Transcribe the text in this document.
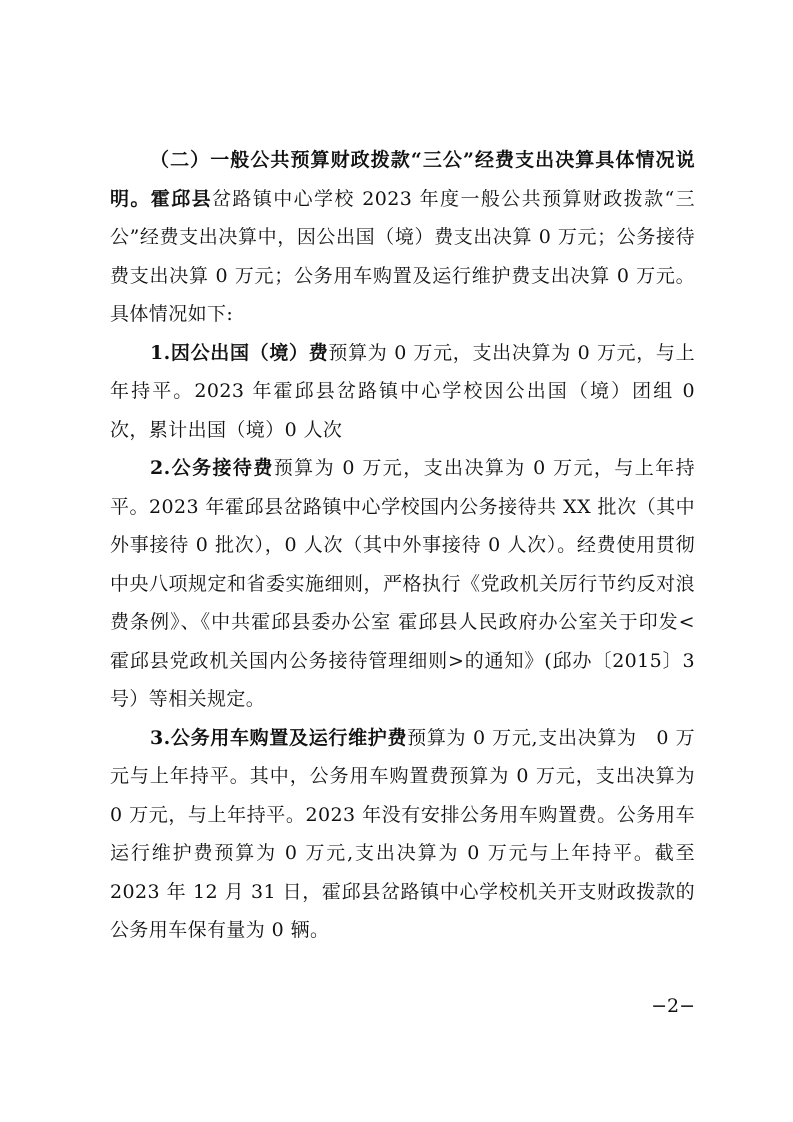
（二）一般公共预算财政拨款“三公”经费支出决算具体情况说明。霍邱县岔路镇中心学校 2023 年度一般公共预算财政拨款“三公”经费支出决算中，因公出国（境）费支出决算 0 万元；公务接待费支出决算 0 万元；公务用车购置及运行维护费支出决算 0 万元。具体情况如下:

1.因公出国（境）费预算为 0 万元，支出决算为 0 万元，与上年持平。2023 年霍邱县岔路镇中心学校因公出国（境）团组 0 次，累计出国（境）0 人次

2.公务接待费预算为 0 万元，支出决算为 0 万元，与上年持平。2023 年霍邱县岔路镇中心学校国内公务接待共 XX 批次（其中外事接待 0 批次），0 人次（其中外事接待 0 人次）。经费使用贯彻中央八项规定和省委实施细则，严格执行《党政机关厉行节约反对浪费条例》、《中共霍邱县委办公室 霍邱县人民政府办公室关于印发<霍邱县党政机关国内公务接待管理细则>的通知》(邱办〔2015〕3 号）等相关规定。

3.公务用车购置及运行维护费预算为 0 万元,支出决算为　0 万元与上年持平。其中，公务用车购置费预算为 0 万元，支出决算为 0 万元，与上年持平。2023 年没有安排公务用车购置费。公务用车运行维护费预算为 0 万元,支出决算为 0 万元与上年持平。截至 2023 年 12 月 31 日，霍邱县岔路镇中心学校机关开支财政拨款的公务用车保有量为 0 辆。

−2−
